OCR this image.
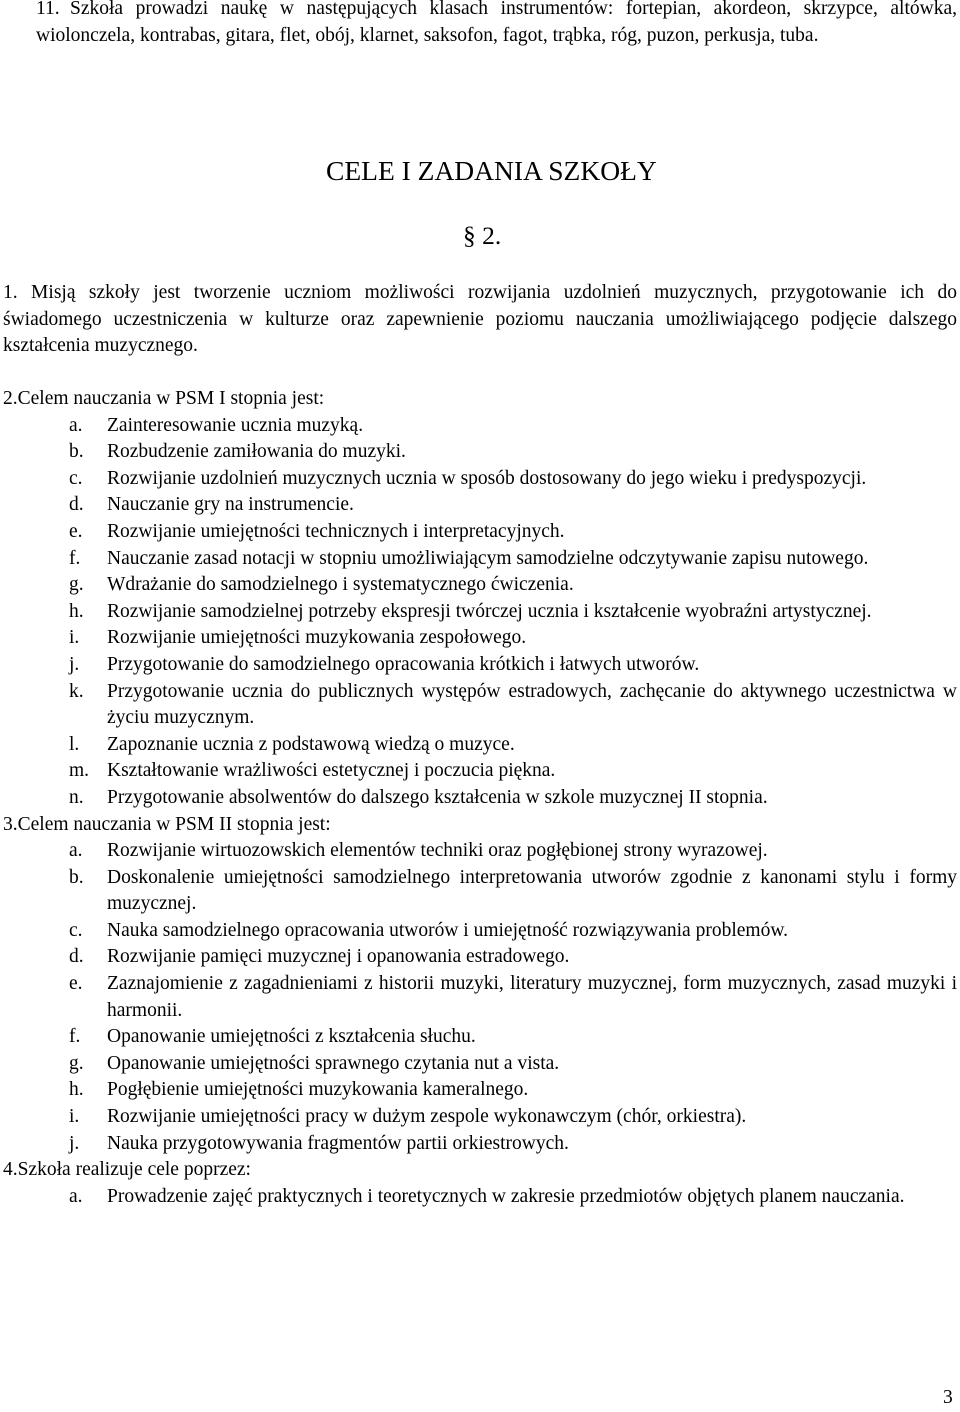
11. Szkoła prowadzi naukę w następujących klasach instrumentów: fortepian, akordeon, skrzypce, altówka, wiolonczela, kontrabas, gitara, flet, obój, klarnet, saksofon, fagot, trąbka, róg, puzon, perkusja, tuba.
CELE I ZADANIA SZKOŁY
§ 2.
1. Misją szkoły jest tworzenie uczniom możliwości rozwijania uzdolnień muzycznych, przygotowanie ich do świadomego uczestniczenia w kulturze oraz zapewnienie poziomu nauczania umożliwiającego podjęcie dalszego kształcenia muzycznego.
2.Celem nauczania w PSM I stopnia jest:
a.	Zainteresowanie ucznia muzyką.
b.	Rozbudzenie zamiłowania do muzyki.
c.	Rozwijanie uzdolnień muzycznych ucznia w sposób dostosowany do jego wieku i predyspozycji.
d.	Nauczanie gry na instrumencie.
e.	Rozwijanie umiejętności technicznych i interpretacyjnych.
f.	Nauczanie zasad notacji w stopniu umożliwiającym samodzielne odczytywanie zapisu nutowego.
g.	Wdrażanie do samodzielnego i systematycznego ćwiczenia.
h.	Rozwijanie samodzielnej potrzeby ekspresji twórczej ucznia i kształcenie wyobraźni artystycznej.
i.	Rozwijanie umiejętności muzykowania zespołowego.
j.	Przygotowanie do samodzielnego opracowania krótkich i łatwych utworów.
k.	Przygotowanie ucznia do publicznych występów estradowych, zachęcanie do aktywnego uczestnictwa w życiu muzycznym.
l.	Zapoznanie ucznia z podstawową wiedzą o muzyce.
m. Kształtowanie wrażliwości estetycznej i poczucia piękna.
n.	Przygotowanie absolwentów do dalszego kształcenia w szkole muzycznej II stopnia.
3.Celem nauczania w PSM II stopnia jest:
a.	Rozwijanie wirtuozowskich elementów techniki oraz pogłębionej strony wyrazowej.
b.	Doskonalenie umiejętności samodzielnego interpretowania utworów zgodnie z kanonami stylu i formy muzycznej.
c.	Nauka samodzielnego opracowania utworów i umiejętność rozwiązywania problemów.
d.	Rozwijanie pamięci muzycznej i opanowania estradowego.
e.	Zaznajomienie z zagadnieniami z historii muzyki, literatury muzycznej, form muzycznych, zasad muzyki i harmonii.
f.	Opanowanie umiejętności z kształcenia słuchu.
g.	Opanowanie umiejętności sprawnego czytania nut a vista.
h.	Pogłębienie umiejętności muzykowania kameralnego.
i.	Rozwijanie umiejętności pracy w dużym zespole wykonawczym (chór, orkiestra).
j.	Nauka przygotowywania fragmentów partii orkiestrowych.
4.Szkoła realizuje cele poprzez:
a.	Prowadzenie zajęć praktycznych i teoretycznych w zakresie przedmiotów objętych planem nauczania.
3
